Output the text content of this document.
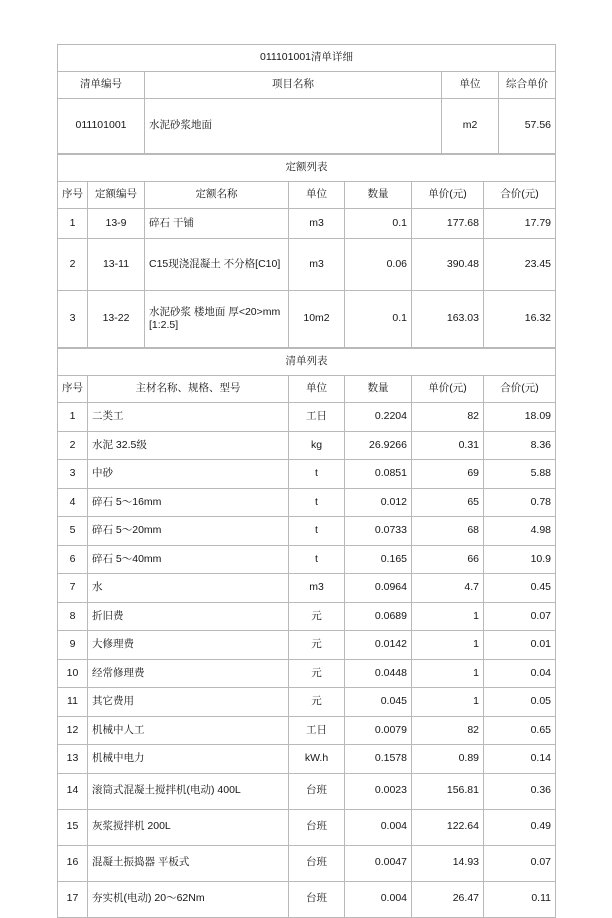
011101001清单详细			
清单编号	项目名称	单位	综合单价
011101001	水泥砂浆地面	m2	57.56
定额列表						
序号	定额编号	定额名称	单位	数量	单价(元)	合价(元)
1	13-9	碎石 干铺	m3	0.1	177.68	17.79
2	13-11	C15现浇混凝土 不分格[C10]	m3	0.06	390.48	23.45
3	13-22	水泥砂浆 楼地面 厚<20>mm[1:2.5]	10m2	0.1	163.03	16.32
清单列表					
序号	主材名称、规格、型号	单位	数量	单价(元)	合价(元)
1	二类工	工日	0.2204	82	18.09
2	水泥 32.5级	kg	26.9266	0.31	8.36
3	中砂	t	0.0851	69	5.88
4	碎石 5～16mm	t	0.012	65	0.78
5	碎石 5～20mm	t	0.0733	68	4.98
6	碎石 5～40mm	t	0.165	66	10.9
7	水	m3	0.0964	4.7	0.45
8	折旧费	元	0.0689	1	0.07
9	大修理费	元	0.0142	1	0.01
10	经常修理费	元	0.0448	1	0.04
11	其它费用	元	0.045	1	0.05
12	机械中人工	工日	0.0079	82	0.65
13	机械中电力	kW.h	0.1578	0.89	0.14
14	滚筒式混凝土搅拌机(电动) 400L	台班	0.0023	156.81	0.36
15	灰浆搅拌机 200L	台班	0.004	122.64	0.49
16	混凝土振捣器 平板式	台班	0.0047	14.93	0.07
17	夯实机(电动) 20～62Nm	台班	0.004	26.47	0.11
